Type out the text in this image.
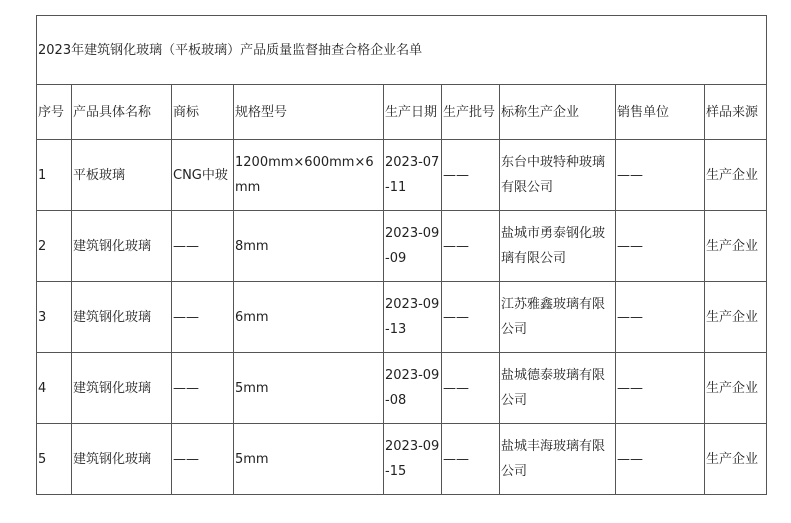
2023年建筑钢化玻璃（平板玻璃）产品质量监督抽查合格企业名单								
序号	产品具体名称	商标	规格型号	生产日期	生产批号	标称生产企业	销售单位	样品来源
1	平板玻璃	CNG中玻	1200mm×600mm×6mm	2023-07-11	——	东台中玻特种玻璃有限公司	——	生产企业
2	建筑钢化玻璃	——	8mm	2023-09-09	——	盐城市勇泰钢化玻璃有限公司	——	生产企业
3	建筑钢化玻璃	——	6mm	2023-09-13	——	江苏雅鑫玻璃有限公司	——	生产企业
4	建筑钢化玻璃	——	5mm	2023-09-08	——	盐城德泰玻璃有限公司	——	生产企业
5	建筑钢化玻璃	——	5mm	2023-09-15	——	盐城丰海玻璃有限公司	——	生产企业
